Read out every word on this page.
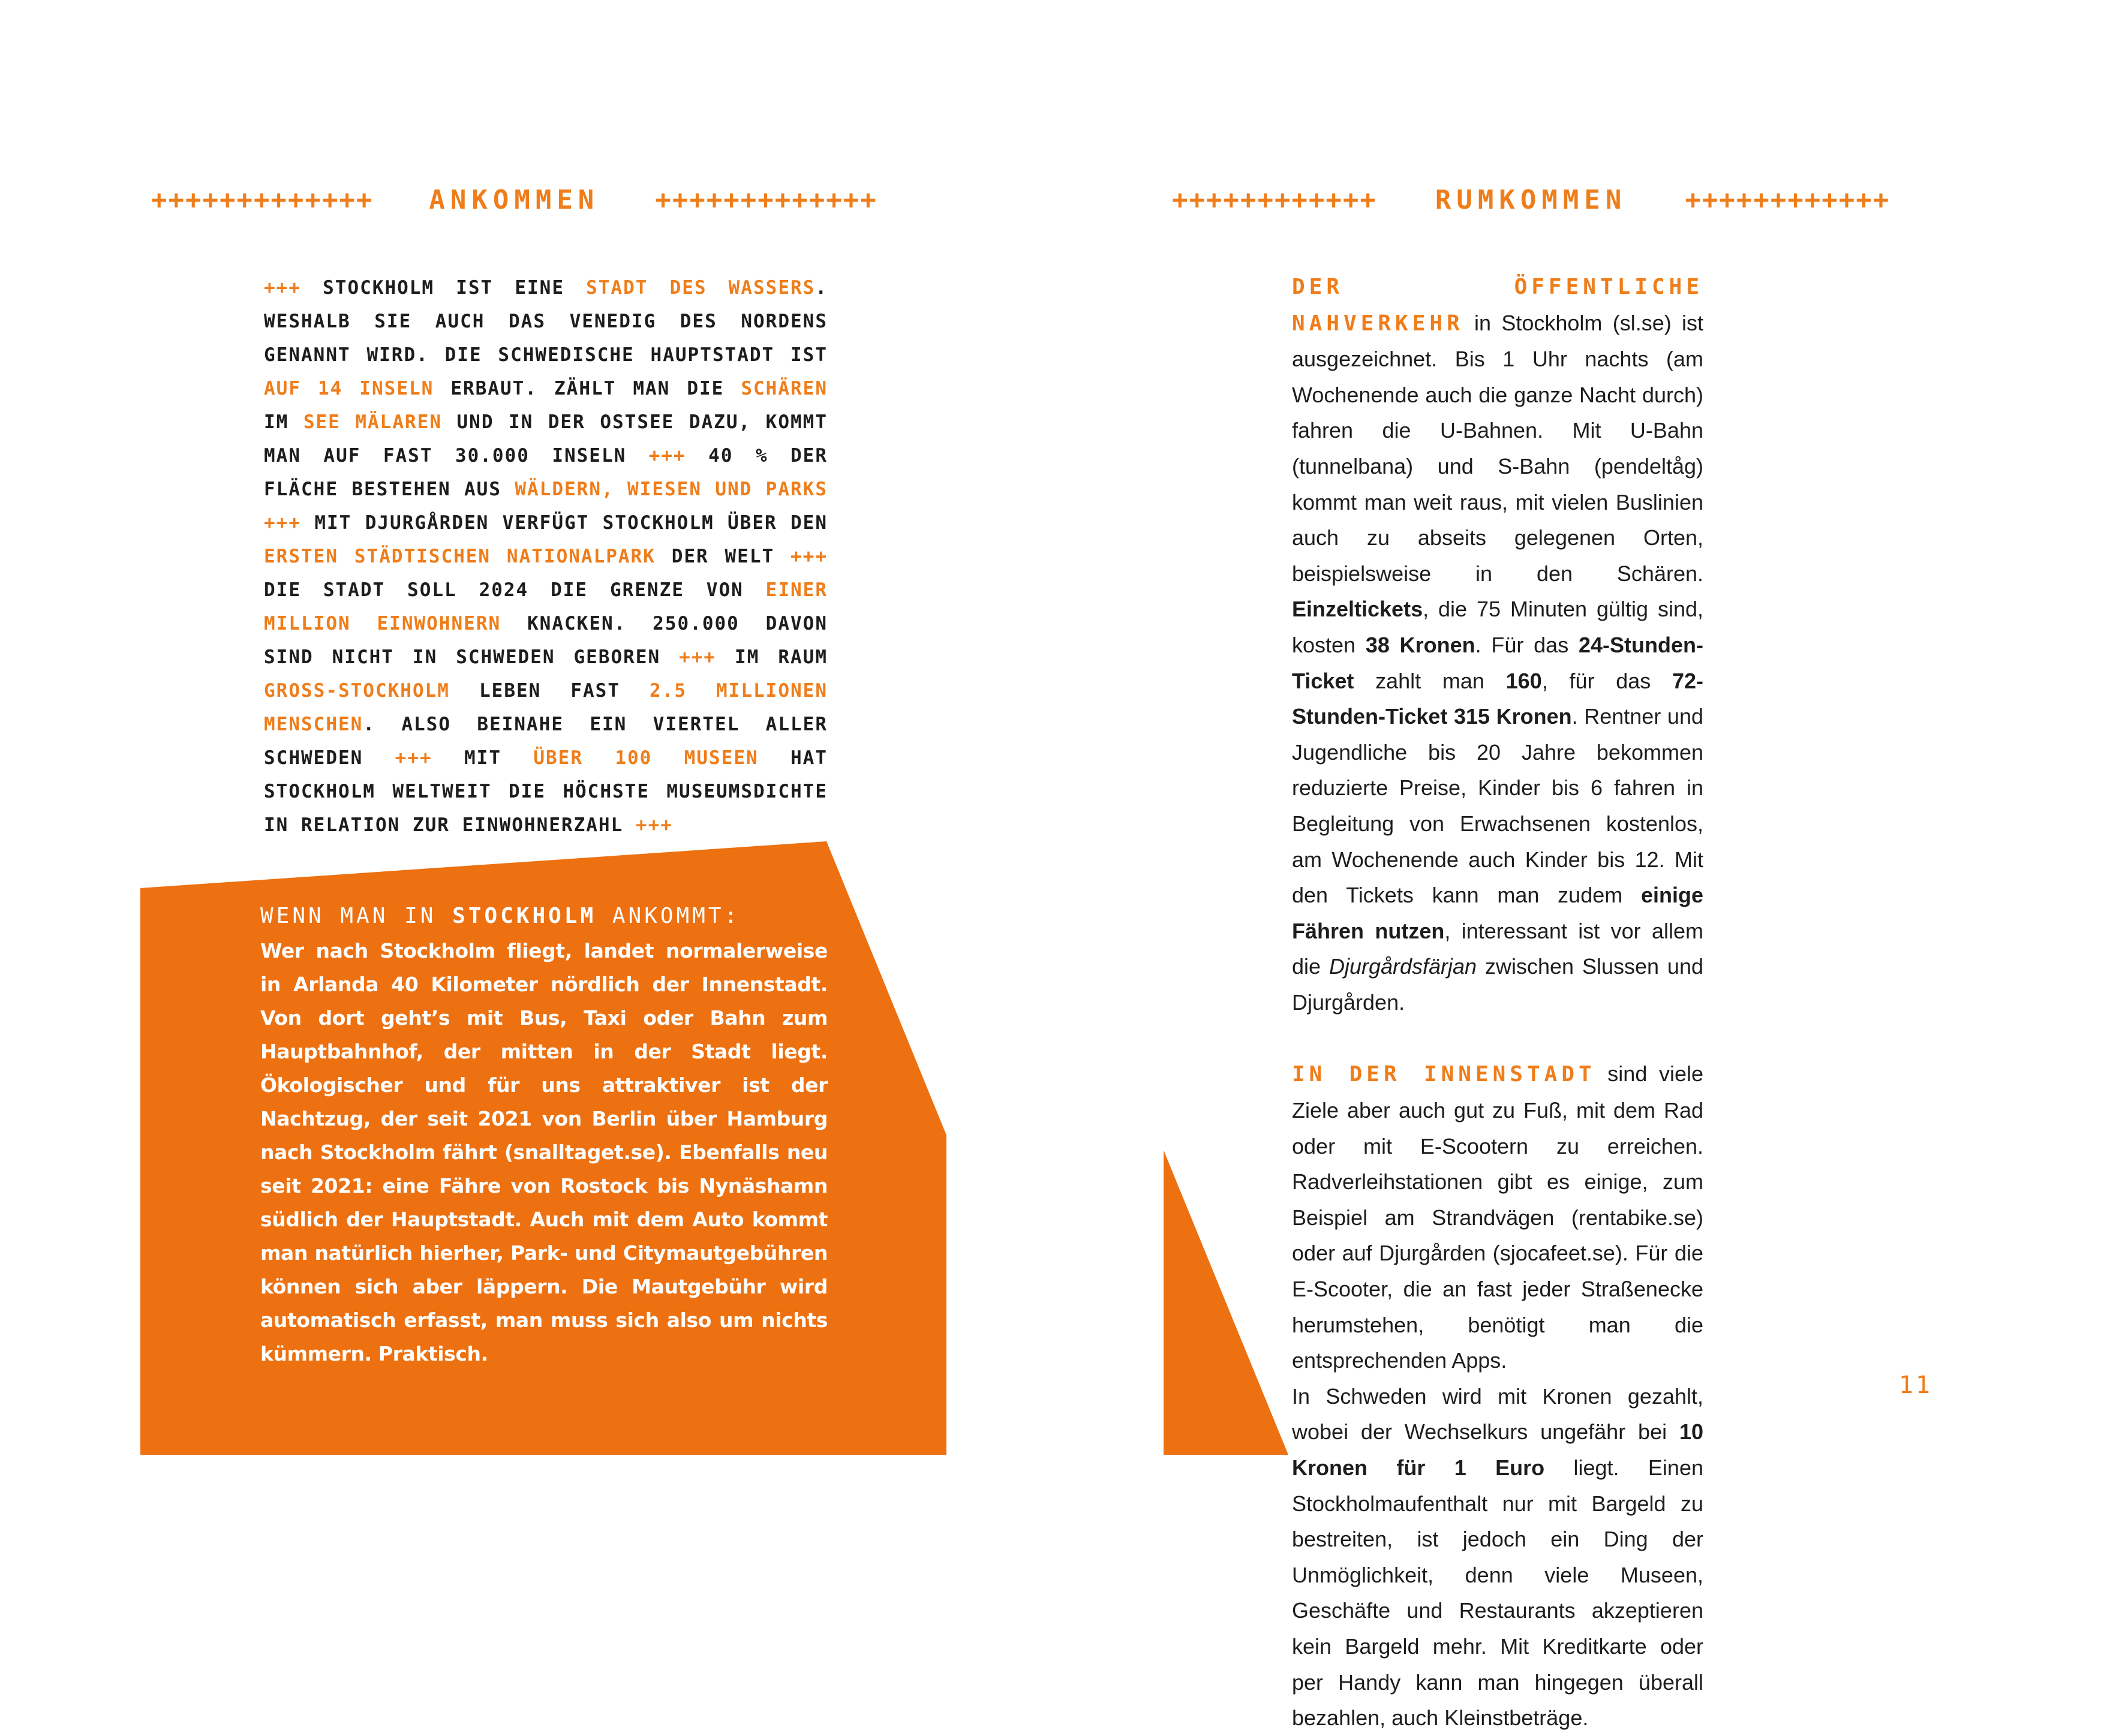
+++++++++++++ ANKOMMEN +++++++++++++
+++ STOCKHOLM IST EINE STADT DES WASSERS. WESHALB SIE AUCH DAS VENEDIG DES NORDENS GENANNT WIRD. DIE SCHWEDISCHE HAUPTSTADT IST AUF 14 INSELN ERBAUT. ZÄHLT MAN DIE SCHÄREN IM SEE MÄLAREN UND IN DER OSTSEE DAZU, KOMMT MAN AUF FAST 30.000 INSELN +++ 40 % DER FLÄCHE BESTEHEN AUS WÄLDERN, WIESEN UND PARKS +++ MIT DJURGÅRDEN VERFÜGT STOCKHOLM ÜBER DEN ERSTEN STÄDTISCHEN NATIONALPARK DER WELT +++ DIE STADT SOLL 2024 DIE GRENZE VON EINER MILLION EINWOHNERN KNACKEN. 250.000 DAVON SIND NICHT IN SCHWEDEN GEBOREN +++ IM RAUM GROSS-STOCKHOLM LEBEN FAST 2.5 MILLIONEN MENSCHEN. ALSO BEINAHE EIN VIERTEL ALLER SCHWEDEN +++ MIT ÜBER 100 MUSEEN HAT STOCKHOLM WELTWEIT DIE HÖCHSTE MUSEUMSDICHTE IN RELATION ZUR EINWOHNERZAHL +++
WENN MAN IN STOCKHOLM ANKOMMT:
Wer nach Stockholm fliegt, landet normalerweise in Arlanda 40 Kilometer nördlich der Innenstadt. Von dort geht’s mit Bus, Taxi oder Bahn zum Hauptbahnhof, der mitten in der Stadt liegt. Ökologischer und für uns attraktiver ist der Nachtzug, der seit 2021 von Berlin über Hamburg nach Stockholm fährt (snalltaget.se). Ebenfalls neu seit 2021: eine Fähre von Rostock bis Nynäshamn südlich der Hauptstadt. Auch mit dem Auto kommt man natürlich hierher, Park- und Citymautgebühren können sich aber läppern. Die Mautgebühr wird automatisch erfasst, man muss sich also um nichts kümmern. Praktisch.
++++++++++++ RUMKOMMEN ++++++++++++

DER ÖFFENTLICHE NAHVERKEHR in Stockholm (sl.se) ist ausgezeichnet. Bis 1 Uhr nachts (am Wochenende auch die ganze Nacht durch) fahren die U-Bahnen. Mit U-Bahn (tunnelbana) und S-Bahn (pendeltåg) kommt man weit raus, mit vielen Buslinien auch zu abseits gelegenen Orten, beispielsweise in den Schären. Einzeltickets, die 75 Minuten gültig sind, kosten 38 Kronen. Für das 24-Stunden-Ticket zahlt man 160, für das 72-Stunden-Ticket 315 Kronen. Rentner und Jugendliche bis 20 Jahre bekommen reduzierte Preise, Kinder bis 6 fahren in Begleitung von Erwachsenen kostenlos, am Wochenende auch Kinder bis 12. Mit den Tickets kann man zudem einige Fähren nutzen, interessant ist vor allem die Djurgårdsfärjan zwischen Slussen und Djurgården.

IN DER INNENSTADT sind viele Ziele aber auch gut zu Fuß, mit dem Rad oder mit E-Scootern zu erreichen. Radverleihstationen gibt es einige, zum Beispiel am Strandvägen (rentabike.se) oder auf Djurgården (sjocafeet.se). Für die E-Scooter, die an fast jeder Straßenecke herumstehen, benötigt man die entsprechenden Apps.

In Schweden wird mit Kronen gezahlt, wobei der Wechselkurs ungefähr bei 10 Kronen für 1 Euro liegt. Einen Stockholmaufenthalt nur mit Bargeld zu bestreiten, ist jedoch ein Ding der Unmöglichkeit, denn viele Museen, Geschäfte und Restaurants akzeptieren kein Bargeld mehr. Mit Kreditkarte oder per Handy kann man hingegen überall bezahlen, auch Kleinstbeträge.

11
